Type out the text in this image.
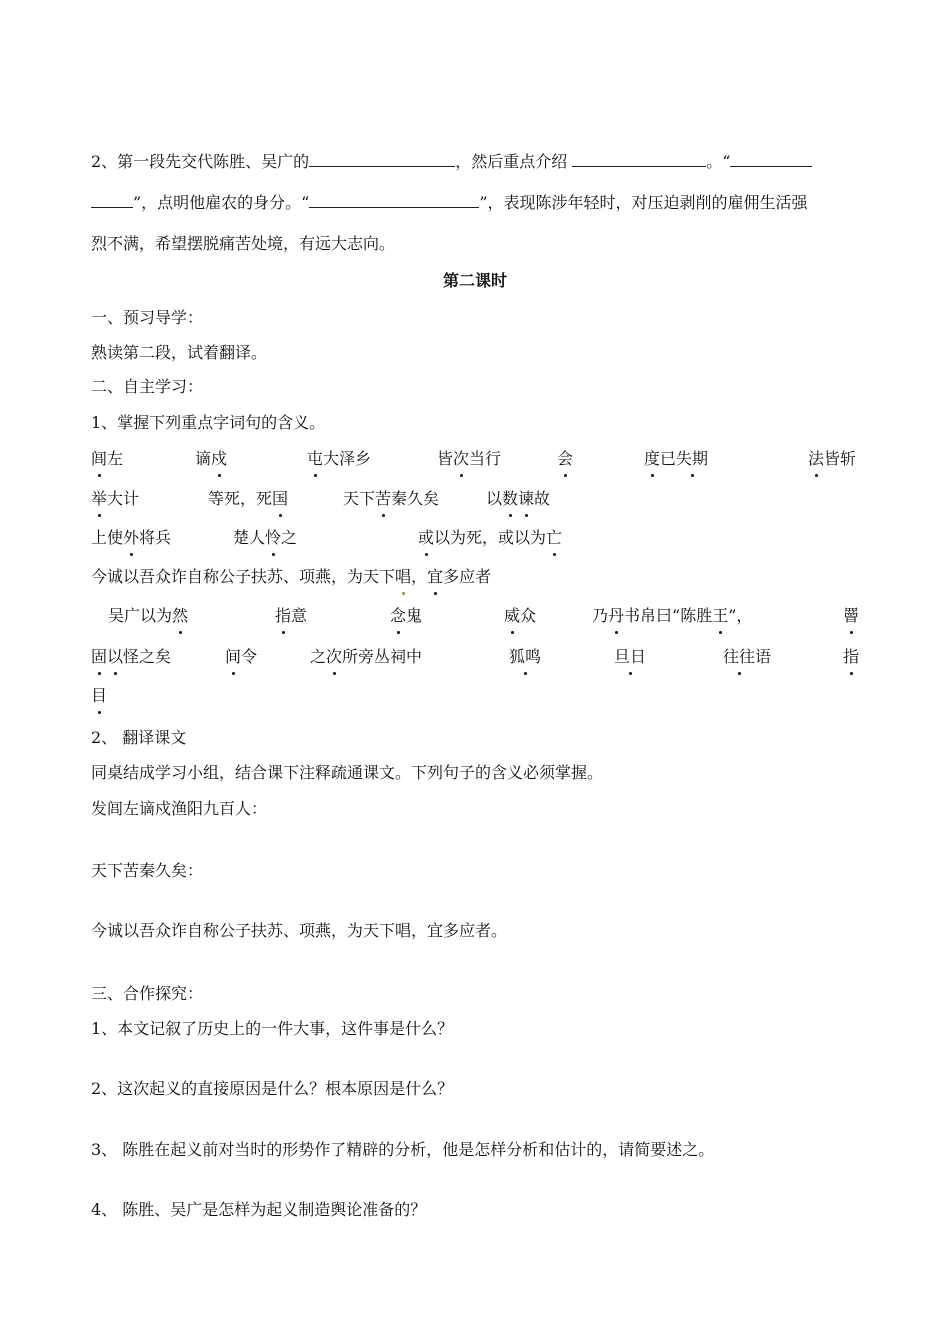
2、第一段先交代陈胜、吴广的	，然后重点介绍	。“
”，点明他雇农的身分。“	”，表现陈涉年轻时，对压迫剥削的雇佣生活强
烈不满，希望摆脱痛苦处境，有远大志向。
第二课时
一、预习导学：
熟读第二段，试着翻译。
二、自主学习：
1、掌握下列重点字词句的含义。
闾左	谪戍	屯大泽乡	皆次当行	会	度已失期	法皆斩
举大计	等死，死国	天下苦秦久矣	以数谏故
上使外将兵	楚人怜之	或以为死，或以为亡
今诚以吾众诈自称公子扶苏、项燕，为天下唱，宜多应者
吴广以为然	指意	念鬼	威众	乃丹书帛曰“陈胜王”，	罾
固以怪之矣	间令	之次所旁丛祠中	狐鸣	旦日	往往语	指
目
2、 翻译课文
同桌结成学习小组，结合课下注释疏通课文。下列句子的含义必须掌握。
发闾左谪戍渔阳九百人：
天下苦秦久矣：
今诚以吾众诈自称公子扶苏、项燕，为天下唱，宜多应者。
三、合作探究：
1、本文记叙了历史上的一件大事，这件事是什么？
2、这次起义的直接原因是什么？根本原因是什么？
3、 陈胜在起义前对当时的形势作了精辟的分析，他是怎样分析和估计的，请简要述之。
4、 陈胜、吴广是怎样为起义制造舆论准备的？
